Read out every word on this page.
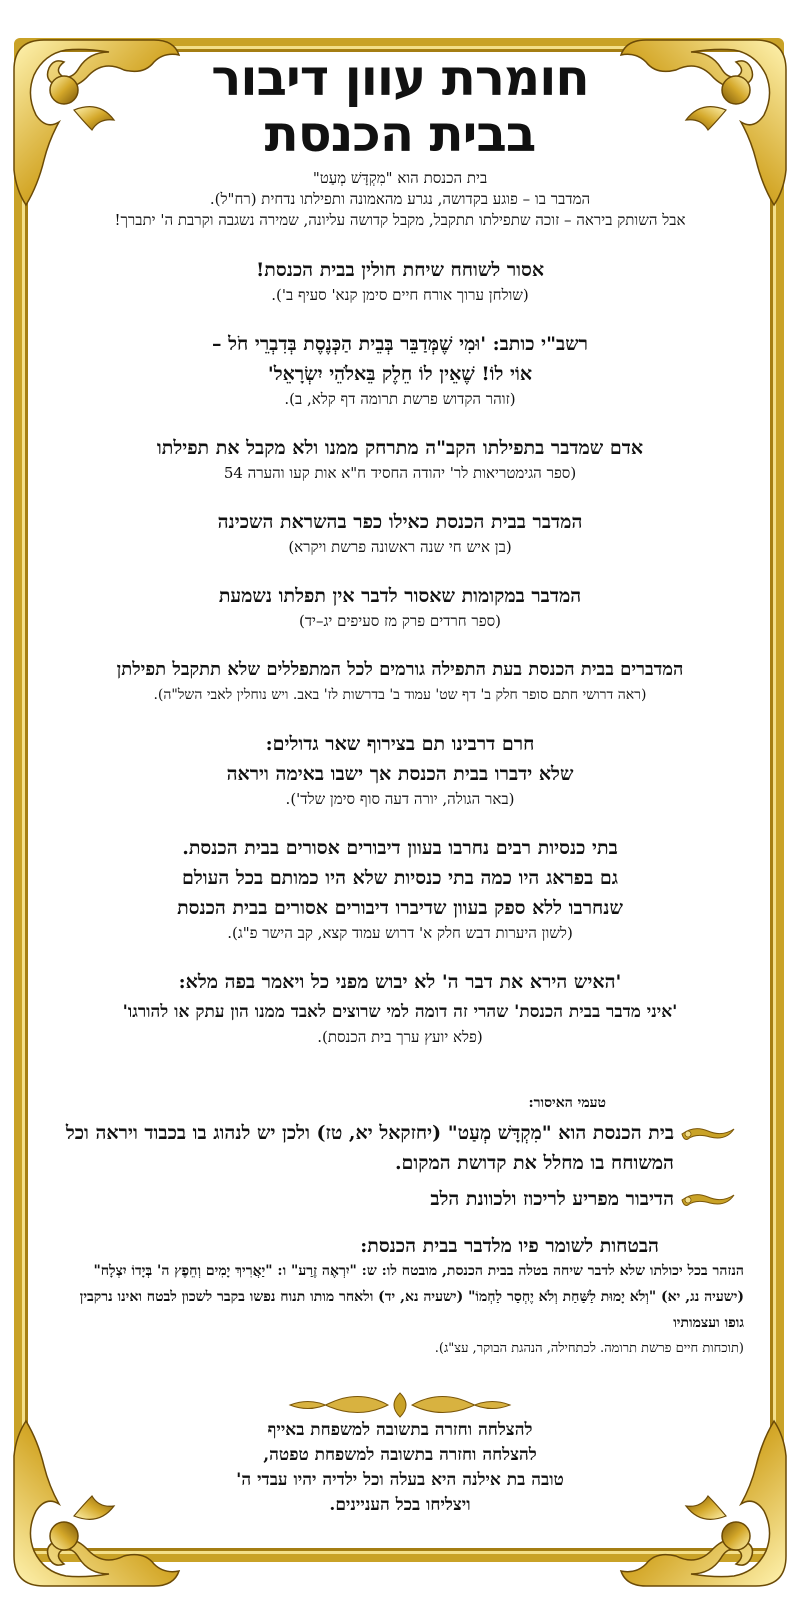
חומרת עוון דיבור
בבית הכנסת
בית הכנסת הוא "מִקְדָּשׁ מְעַט"
המדבר בו – פוגע בקדושה, נגרע מהאמונה ותפילתו נדחית (רח"ל).
אבל השותק ביראה – זוכה שתפילתו תתקבל, מקבל קדושה עליונה, שמירה נשגבה וקרבת ה' יתברך!
אסור לשוחח שיחת חולין בבית הכנסת!
(שולחן ערוך אורח חיים סימן קנא' סעיף ב').
רשב"י כותב: 'וּמִי שֶׁמְּדַבֵּר בְּבֵית הַכְּנֶסֶת בְּדִבְרֵי חֹל –
אוֹי לוֹ! שֶׁאֵין לוֹ חֵלֶק בֵּאלֹהֵי יִשְׂרָאֵל'
(זוהר הקדוש פרשת תרומה דף קלא, ב).
אדם שמדבר בתפילתו הקב"ה מתרחק ממנו ולא מקבל את תפילתו
(ספר הגימטריאות לר' יהודה החסיד ח"א אות קעו והערה 54
המדבר בבית הכנסת כאילו כפר בהשראת השכינה
(בן איש חי שנה ראשונה פרשת ויקרא)
המדבר במקומות שאסור לדבר אין תפלתו נשמעת
(ספר חרדים פרק מז סעיפים יג–יד)
המדברים בבית הכנסת בעת התפילה גורמים לכל המתפללים שלא תתקבל תפילתן
(ראה דרושי חתם סופר חלק ב' דף שט' עמוד ב' בדרשות לז' באב. ויש נוחלין לאבי השל"ה).
חרם דרבינו תם בצירוף שאר גדולים:
שלא ידברו בבית הכנסת אך ישבו באימה ויראה
(באר הגולה, יורה דעה סוף סימן שלד').
בתי כנסיות רבים נחרבו בעוון דיבורים אסורים בבית הכנסת.
גם בפראג היו כמה בתי כנסיות שלא היו כמותם בכל העולם
שנחרבו ללא ספק בעוון שדיברו דיבורים אסורים בבית הכנסת
(לשון היערות דבש חלק א' דרוש עמוד קצא, קב הישר פ"ג).
'האיש הירא את דבר ה' לא יבוש מפני כל ויאמר בפה מלא:
'איני מדבר בבית הכנסת' שהרי זה דומה למי שרוצים לאבד ממנו הון עתק או להורגו'
(פלא יועץ ערך בית הכנסת).
טעמי האיסור:
בית הכנסת הוא "מִקְדָּשׁ מְעַט" (יחזקאל יא, טז) ולכן יש לנהוג בו בכבוד ויראה וכל המשוחח בו מחלל את קדושת המקום.
הדיבור מפריע לריכוז ולכוונת הלב
הבטחות לשומר פיו מלדבר בבית הכנסת:
הנזהר בכל יכולתו שלא לדבר שיחה בטלה בבית הכנסת, מובטח לו: ש: "יִרְאֶה זֶרַע" ו: "יַאֲרִיךְ יָמִים וְחֵפֶץ ה' בְּיָדוֹ יִצְלָח" (ישעיה נג, יא) "וְלֹא יָמוּת לַשַּׁחַת וְלֹא יֶחְסַר לַחְמוֹ" (ישעיה נא, יד) ולאחר מותו תנוח נפשו בקבר לשכון לבטח ואינו נרקבין גופו ועצמותיו
(תוכחות חיים פרשת תרומה. לכתחילה, הנהגת הבוקר, עצ"ג).
להצלחה וחזרה בתשובה למשפחת באייף
להצלחה וחזרה בתשובה למשפחת טפטה,
טובה בת אילנה היא בעלה וכל ילדיה יהיו עבדי ה'
ויצליחו בכל העניינים.
